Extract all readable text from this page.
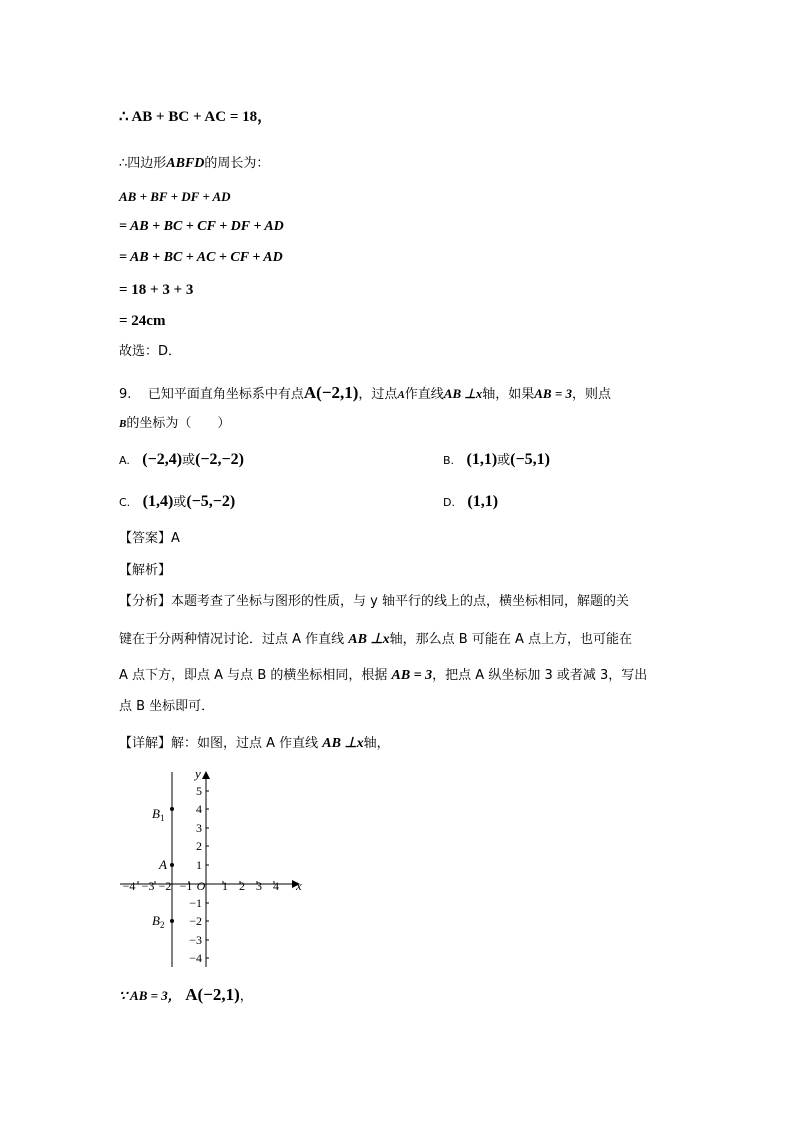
∴ AB + BC + AC = 18，
∴四边形ABFD的周长为：
AB + BF + DF + AD
= AB + BC + CF + DF + AD
= AB + BC + AC + CF + AD
= 18 + 3 + 3
= 24cm
故选：D．
9. 已知平面直角坐标系中有点A(−2,1)，过点A作直线AB ⊥x轴，如果AB = 3，则点
B的坐标为（　　）
A. (−2,4)或(−2,−2)	B. (1,1)或(−5,1)
C. (1,4)或(−5,−2)	D. (1,1)
【答案】A
【解析】
【分析】本题考查了坐标与图形的性质，与 y 轴平行的线上的点，横坐标相同，解题的关
键在于分两种情况讨论．过点 A 作直线 AB ⊥x轴，那么点 B 可能在 A 点上方，也可能在
A 点下方，即点 A 与点 B 的横坐标相同，根据 AB = 3，把点 A 纵坐标加 3 或者减 3，写出
点 B 坐标即可．
【详解】解：如图，过点 A 作直线 AB ⊥x轴，
−4 −3 −2 −1 1 2 3 4
O	x
y
5
4
3
2
1
−1
−2
−3
−4
$B_1$
A
$B_2$
∵ AB = 3， A(−2,1)，
